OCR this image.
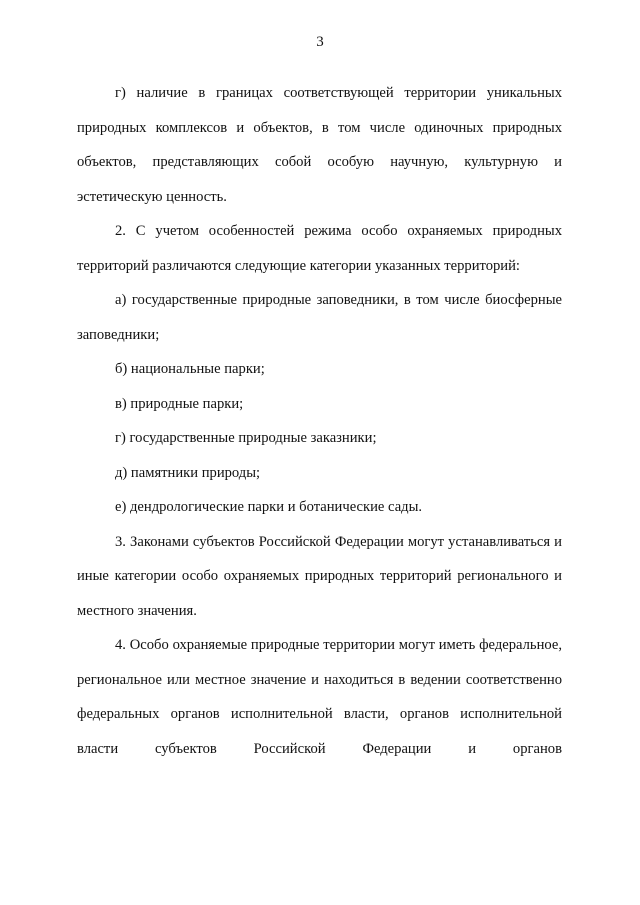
3

г) наличие в границах соответствующей территории уникальных природных комплексов и объектов, в том числе одиночных природных объектов, представляющих собой особую научную, культурную и эстетическую ценность.

2. С учетом особенностей режима особо охраняемых природных территорий различаются следующие категории указанных территорий:

а) государственные природные заповедники, в том числе биосферные заповедники;

б) национальные парки;

в) природные парки;

г) государственные природные заказники;

д) памятники природы;

е) дендрологические парки и ботанические сады.

3. Законами субъектов Российской Федерации могут устанавливаться и иные категории особо охраняемых природных территорий регионального и местного значения.

4. Особо охраняемые природные территории могут иметь федеральное, региональное или местное значение и находиться в ведении соответственно федеральных органов исполнительной власти, органов исполнительной власти субъектов Российской Федерации и органов
